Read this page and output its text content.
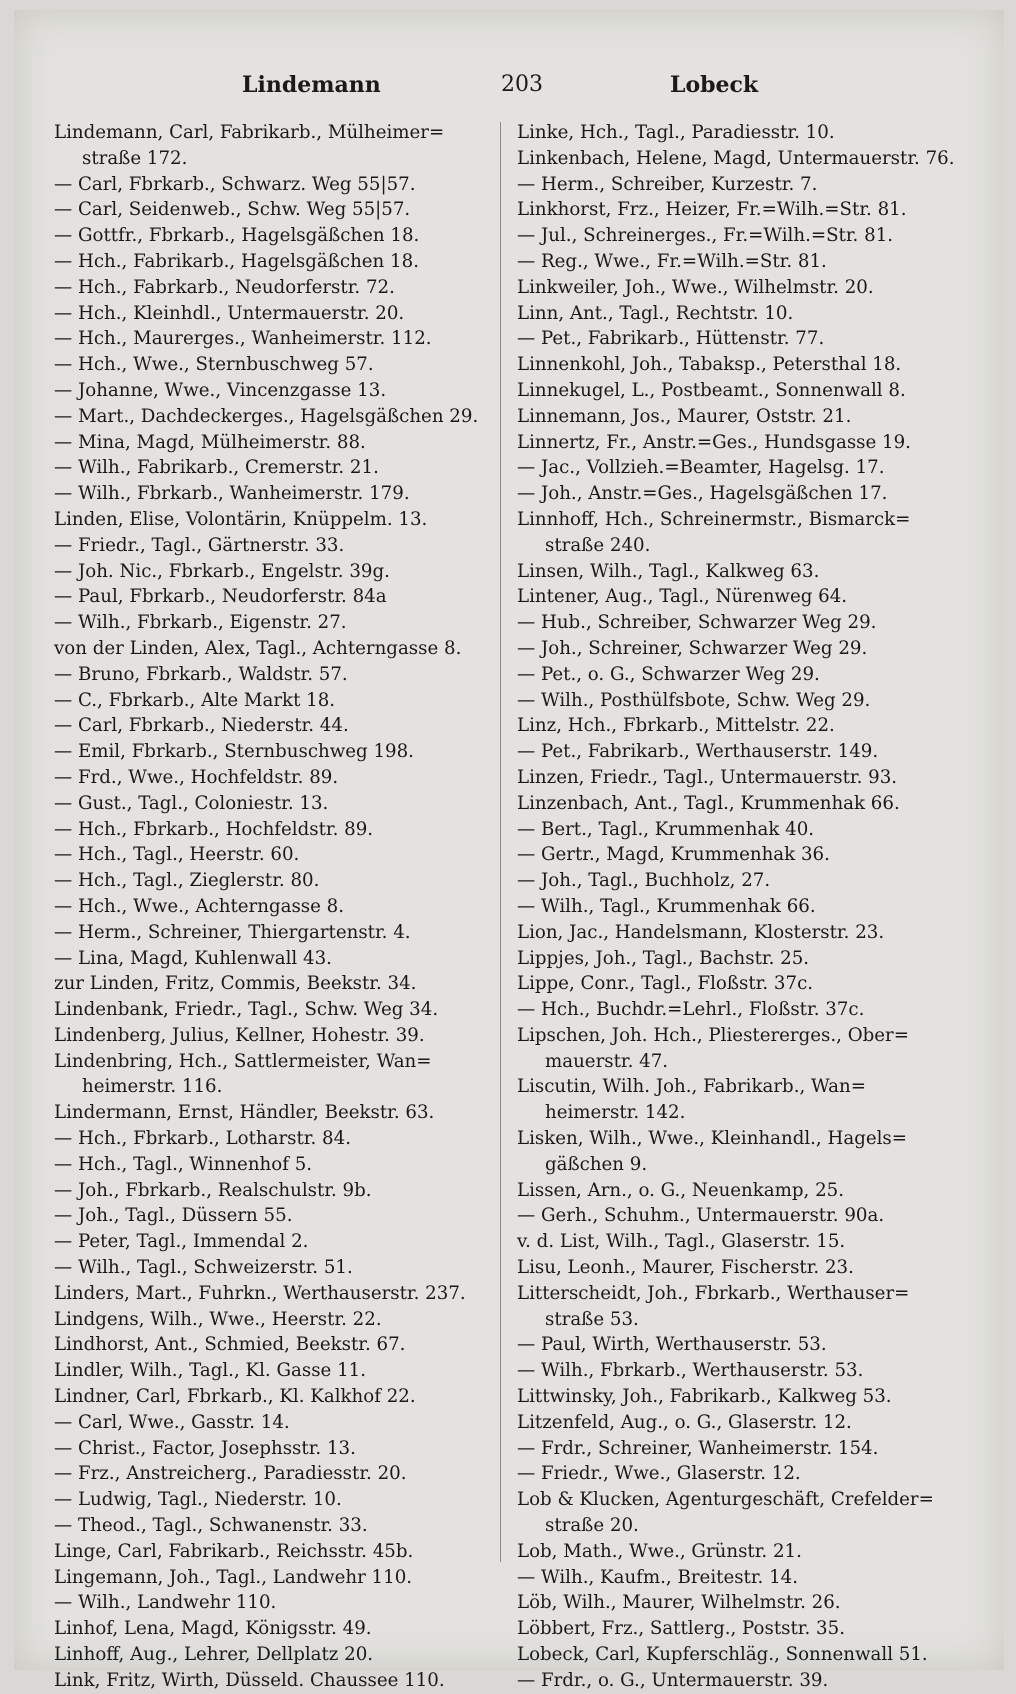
Lindemann	203	Lobeck
Lindemann, Carl, Fabrikarb., Mülheimer=
straße 172.
— Carl, Fbrkarb., Schwarz. Weg 55|57.
— Carl, Seidenweb., Schw. Weg 55|57.
— Gottfr., Fbrkarb., Hagelsgäßchen 18.
— Hch., Fabrikarb., Hagelsgäßchen 18.
— Hch., Fabrkarb., Neudorferstr. 72.
— Hch., Kleinhdl., Untermauerstr. 20.
— Hch., Maurerges., Wanheimerstr. 112.
— Hch., Wwe., Sternbuschweg 57.
— Johanne, Wwe., Vincenzgasse 13.
— Mart., Dachdeckerges., Hagelsgäßchen 29.
— Mina, Magd, Mülheimerstr. 88.
— Wilh., Fabrikarb., Cremerstr. 21.
— Wilh., Fbrkarb., Wanheimerstr. 179.
Linden, Elise, Volontärin, Knüppelm. 13.
— Friedr., Tagl., Gärtnerstr. 33.
— Joh. Nic., Fbrkarb., Engelstr. 39g.
— Paul, Fbrkarb., Neudorferstr. 84a
— Wilh., Fbrkarb., Eigenstr. 27.
von der Linden, Alex, Tagl., Achterngasse 8.
— Bruno, Fbrkarb., Waldstr. 57.
— C., Fbrkarb., Alte Markt 18.
— Carl, Fbrkarb., Niederstr. 44.
— Emil, Fbrkarb., Sternbuschweg 198.
— Frd., Wwe., Hochfeldstr. 89.
— Gust., Tagl., Coloniestr. 13.
— Hch., Fbrkarb., Hochfeldstr. 89.
— Hch., Tagl., Heerstr. 60.
— Hch., Tagl., Zieglerstr. 80.
— Hch., Wwe., Achterngasse 8.
— Herm., Schreiner, Thiergartenstr. 4.
— Lina, Magd, Kuhlenwall 43.
zur Linden, Fritz, Commis, Beekstr. 34.
Lindenbank, Friedr., Tagl., Schw. Weg 34.
Lindenberg, Julius, Kellner, Hohestr. 39.
Lindenbring, Hch., Sattlermeister, Wan=
heimerstr. 116.
Lindermann, Ernst, Händler, Beekstr. 63.
— Hch., Fbrkarb., Lotharstr. 84.
— Hch., Tagl., Winnenhof 5.
— Joh., Fbrkarb., Realschulstr. 9b.
— Joh., Tagl., Düssern 55.
— Peter, Tagl., Immendal 2.
— Wilh., Tagl., Schweizerstr. 51.
Linders, Mart., Fuhrkn., Werthauserstr. 237.
Lindgens, Wilh., Wwe., Heerstr. 22.
Lindhorst, Ant., Schmied, Beekstr. 67.
Lindler, Wilh., Tagl., Kl. Gasse 11.
Lindner, Carl, Fbrkarb., Kl. Kalkhof 22.
— Carl, Wwe., Gasstr. 14.
— Christ., Factor, Josephsstr. 13.
— Frz., Anstreicherg., Paradiesstr. 20.
— Ludwig, Tagl., Niederstr. 10.
— Theod., Tagl., Schwanenstr. 33.
Linge, Carl, Fabrikarb., Reichsstr. 45b.
Lingemann, Joh., Tagl., Landwehr 110.
— Wilh., Landwehr 110.
Linhof, Lena, Magd, Königsstr. 49.
Linhoff, Aug., Lehrer, Dellplatz 20.
Link, Fritz, Wirth, Düsseld. Chaussee 110.
Linke, Hch., Tagl., Paradiesstr. 10.
Linkenbach, Helene, Magd, Untermauerstr. 76.
— Herm., Schreiber, Kurzestr. 7.
Linkhorst, Frz., Heizer, Fr.=Wilh.=Str. 81.
— Jul., Schreinerges., Fr.=Wilh.=Str. 81.
— Reg., Wwe., Fr.=Wilh.=Str. 81.
Linkweiler, Joh., Wwe., Wilhelmstr. 20.
Linn, Ant., Tagl., Rechtstr. 10.
— Pet., Fabrikarb., Hüttenstr. 77.
Linnenkohl, Joh., Tabaksp., Petersthal 18.
Linnekugel, L., Postbeamt., Sonnenwall 8.
Linnemann, Jos., Maurer, Oststr. 21.
Linnertz, Fr., Anstr.=Ges., Hundsgasse 19.
— Jac., Vollzieh.=Beamter, Hagelsg. 17.
— Joh., Anstr.=Ges., Hagelsgäßchen 17.
Linnhoff, Hch., Schreinermstr., Bismarck=
straße 240.
Linsen, Wilh., Tagl., Kalkweg 63.
Lintener, Aug., Tagl., Nürenweg 64.
— Hub., Schreiber, Schwarzer Weg 29.
— Joh., Schreiner, Schwarzer Weg 29.
— Pet., o. G., Schwarzer Weg 29.
— Wilh., Posthülfsbote, Schw. Weg 29.
Linz, Hch., Fbrkarb., Mittelstr. 22.
— Pet., Fabrikarb., Werthauserstr. 149.
Linzen, Friedr., Tagl., Untermauerstr. 93.
Linzenbach, Ant., Tagl., Krummenhak 66.
— Bert., Tagl., Krummenhak 40.
— Gertr., Magd, Krummenhak 36.
— Joh., Tagl., Buchholz, 27.
— Wilh., Tagl., Krummenhak 66.
Lion, Jac., Handelsmann, Klosterstr. 23.
Lippjes, Joh., Tagl., Bachstr. 25.
Lippe, Conr., Tagl., Floßstr. 37c.
— Hch., Buchdr.=Lehrl., Floßstr. 37c.
Lipschen, Joh. Hch., Pliestererges., Ober=
mauerstr. 47.
Liscutin, Wilh. Joh., Fabrikarb., Wan=
heimerstr. 142.
Lisken, Wilh., Wwe., Kleinhandl., Hagels=
gäßchen 9.
Lissen, Arn., o. G., Neuenkamp, 25.
— Gerh., Schuhm., Untermauerstr. 90a.
v. d. List, Wilh., Tagl., Glaserstr. 15.
Lisu, Leonh., Maurer, Fischerstr. 23.
Litterscheidt, Joh., Fbrkarb., Werthauser=
straße 53.
— Paul, Wirth, Werthauserstr. 53.
— Wilh., Fbrkarb., Werthauserstr. 53.
Littwinsky, Joh., Fabrikarb., Kalkweg 53.
Litzenfeld, Aug., o. G., Glaserstr. 12.
— Frdr., Schreiner, Wanheimerstr. 154.
— Friedr., Wwe., Glaserstr. 12.
Lob & Klucken, Agenturgeschäft, Crefelder=
straße 20.
Lob, Math., Wwe., Grünstr. 21.
— Wilh., Kaufm., Breitestr. 14.
Löb, Wilh., Maurer, Wilhelmstr. 26.
Löbbert, Frz., Sattlerg., Poststr. 35.
Lobeck, Carl, Kupferschläg., Sonnenwall 51.
— Frdr., o. G., Untermauerstr. 39.
